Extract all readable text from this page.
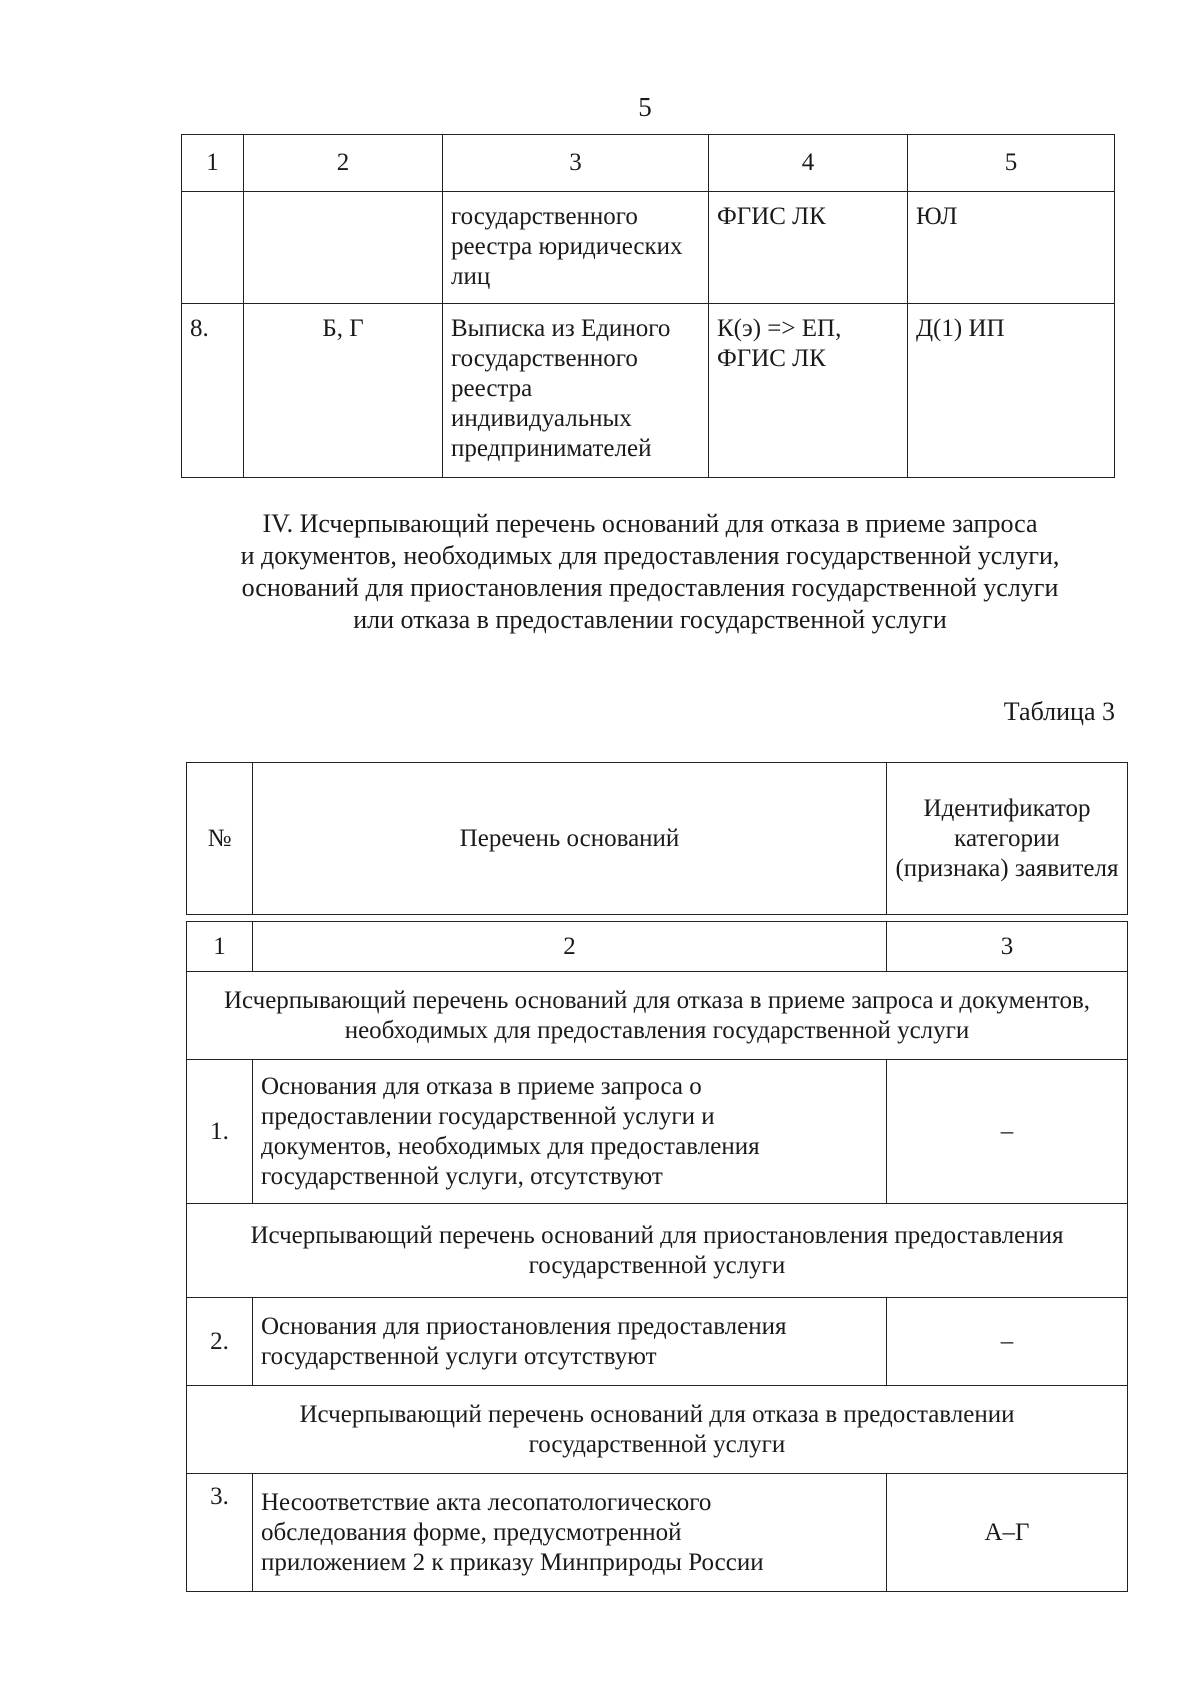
5
1	2	3	4	5
		государственного реестра юридических лиц	ФГИС ЛК	ЮЛ
8.	Б, Г	Выписка из Единого государственного реестра индивидуальных предпринимателей	К(э) => ЕП, ФГИС ЛК	Д(1) ИП
IV. Исчерпывающий перечень оснований для отказа в приеме запроса
и документов, необходимых для предоставления государственной услуги,
оснований для приостановления предоставления государственной услуги
или отказа в предоставлении государственной услуги
Таблица 3
№	Перечень оснований	Идентификатор категории (признака) заявителя

1	2	3
Исчерпывающий перечень оснований для отказа в приеме запроса и документов, необходимых для предоставления государственной услуги		
1.	Основания для отказа в приеме запроса о предоставлении государственной услуги и документов, необходимых для предоставления государственной услуги, отсутствуют	–
Исчерпывающий перечень оснований для приостановления предоставления государственной услуги		
2.	Основания для приостановления предоставления государственной услуги отсутствуют	–
Исчерпывающий перечень оснований для отказа в предоставлении государственной услуги		
3.	Несоответствие акта лесопатологического обследования форме, предусмотренной приложением 2 к приказу Минприроды России	А–Г
